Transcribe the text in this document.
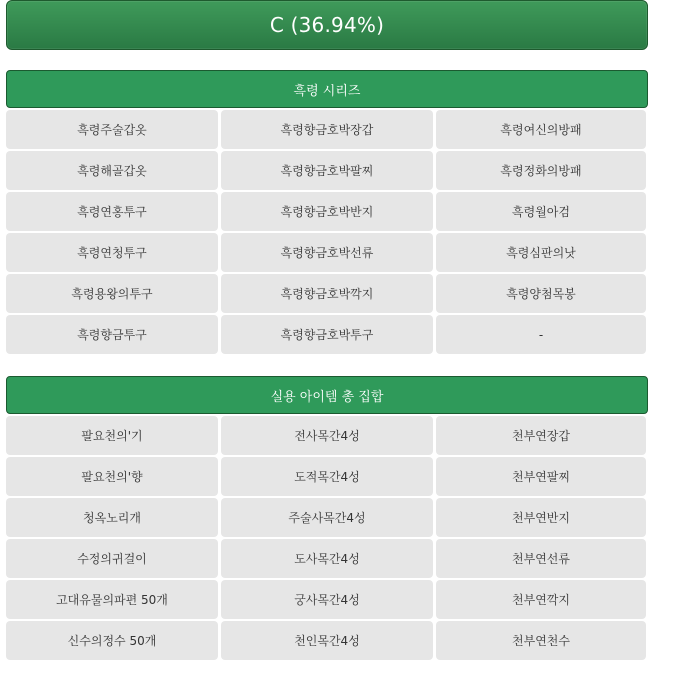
C (36.94%)
흑령 시리즈
흑령주술갑옷	흑령향금호박장갑	흑령여신의방패
흑령해골갑옷	흑령향금호박팔찌	흑령정화의방패
흑령연홍투구	흑령향금호박반지	흑령월아검
흑령연청투구	흑령향금호박선류	흑령심판의낫
흑령용왕의투구	흑령향금호박깍지	흑령양첨목봉
흑령향금투구	흑령향금호박투구	-
실용 아이템 총 집합
팔요천의'기	전사목간4성	천부연장갑
팔요천의'향	도적목간4성	천부연팔찌
청옥노리개	주술사목간4성	천부연반지
수정의귀걸이	도사목간4성	천부연선류
고대유물의파편 50개	궁사목간4성	천부연깍지
신수의정수 50개	천인목간4성	천부연천수
